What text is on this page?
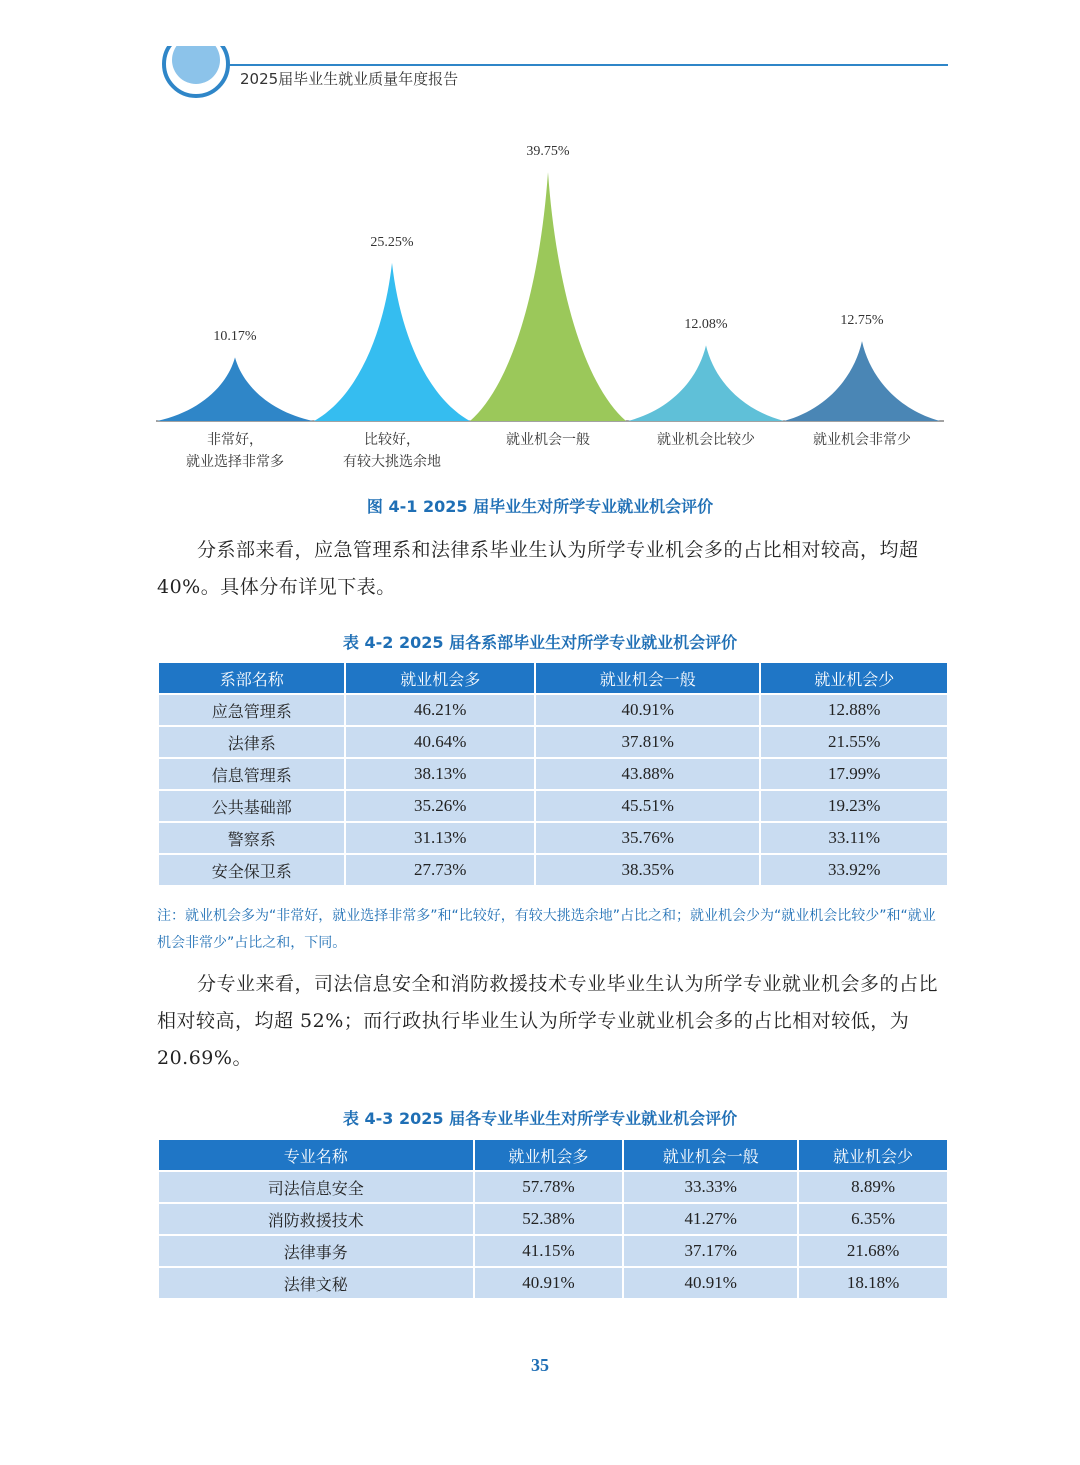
2025届毕业生就业质量年度报告
10.17%
非常好，
就业选择非常多
25.25%
比较好，
有较大挑选余地
39.75%
就业机会一般
12.08%
就业机会比较少
12.75%
就业机会非常少
图 4-1 2025 届毕业生对所学专业就业机会评价
分系部来看，应急管理系和法律系毕业生认为所学专业机会多的占比相对较高，均超 40%。具体分布详见下表。
表 4-2 2025 届各系部毕业生对所学专业就业机会评价
系部名称	就业机会多	就业机会一般	就业机会少
应急管理系	46.21%	40.91%	12.88%
法律系	40.64%	37.81%	21.55%
信息管理系	38.13%	43.88%	17.99%
公共基础部	35.26%	45.51%	19.23%
警察系	31.13%	35.76%	33.11%
安全保卫系	27.73%	38.35%	33.92%
注：就业机会多为“非常好，就业选择非常多”和“比较好，有较大挑选余地”占比之和；就业机会少为“就业机会比较少”和“就业机会非常少”占比之和，下同。
分专业来看，司法信息安全和消防救援技术专业毕业生认为所学专业就业机会多的占比相对较高，均超 52%；而行政执行毕业生认为所学专业就业机会多的占比相对较低，为 20.69%。
表 4-3 2025 届各专业毕业生对所学专业就业机会评价
专业名称	就业机会多	就业机会一般	就业机会少
司法信息安全	57.78%	33.33%	8.89%
消防救援技术	52.38%	41.27%	6.35%
法律事务	41.15%	37.17%	21.68%
法律文秘	40.91%	40.91%	18.18%
35
